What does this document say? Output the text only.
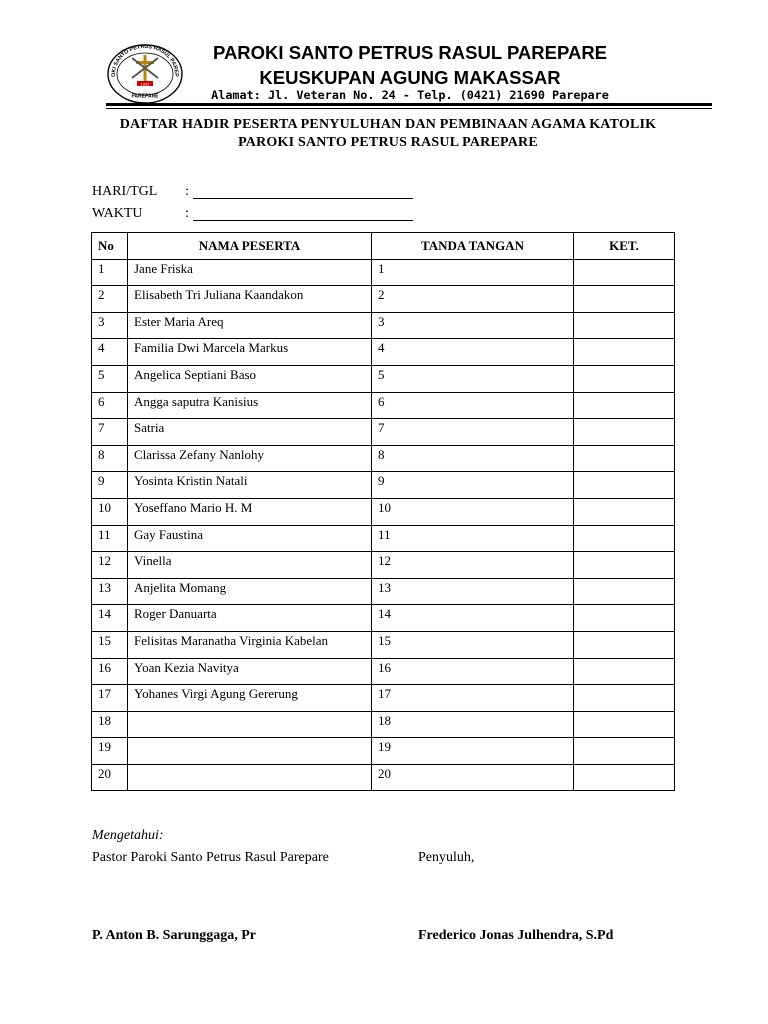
OKI SANTO PETRUS RASUL PAREP
1932
PAREPARE
PAROKI SANTO PETRUS RASUL PAREPARE
KEUSKUPAN AGUNG MAKASSAR
Alamat: Jl. Veteran No. 24 - Telp. (0421) 21690 Parepare
DAFTAR HADIR PESERTA PENYULUHAN DAN PEMBINAAN AGAMA KATOLIK
PAROKI SANTO PETRUS RASUL PAREPARE
HARI/TGL :
WAKTU	:
No	NAMA PESERTA	TANDA TANGAN	KET.
1	Jane Friska	1	
2	Elisabeth Tri Juliana Kaandakon	2	
3	Ester Maria Areq	3	
4	Familia Dwi Marcela Markus	4	
5	Angelica Septiani Baso	5	
6	Angga saputra Kanisius	6	
7	Satria	7	
8	Clarissa Zefany Nanlohy	8	
9	Yosinta Kristin Natali	9	
10	Yoseffano Mario H. M	10	
11	Gay Faustina	11	
12	Vinella	12	
13	Anjelita Momang	13	
14	Roger Danuarta	14	
15	Felisitas Maranatha Virginia Kabelan	15	
16	Yoan Kezia Navitya	16	
17	Yohanes Virgi Agung Gererung	17	
18		18	
19		19	
20		20	
Mengetahui:
Pastor Paroki Santo Petrus Rasul Parepare	Penyuluh,
P. Anton B. Sarunggaga, Pr	Frederico Jonas Julhendra, S.Pd
